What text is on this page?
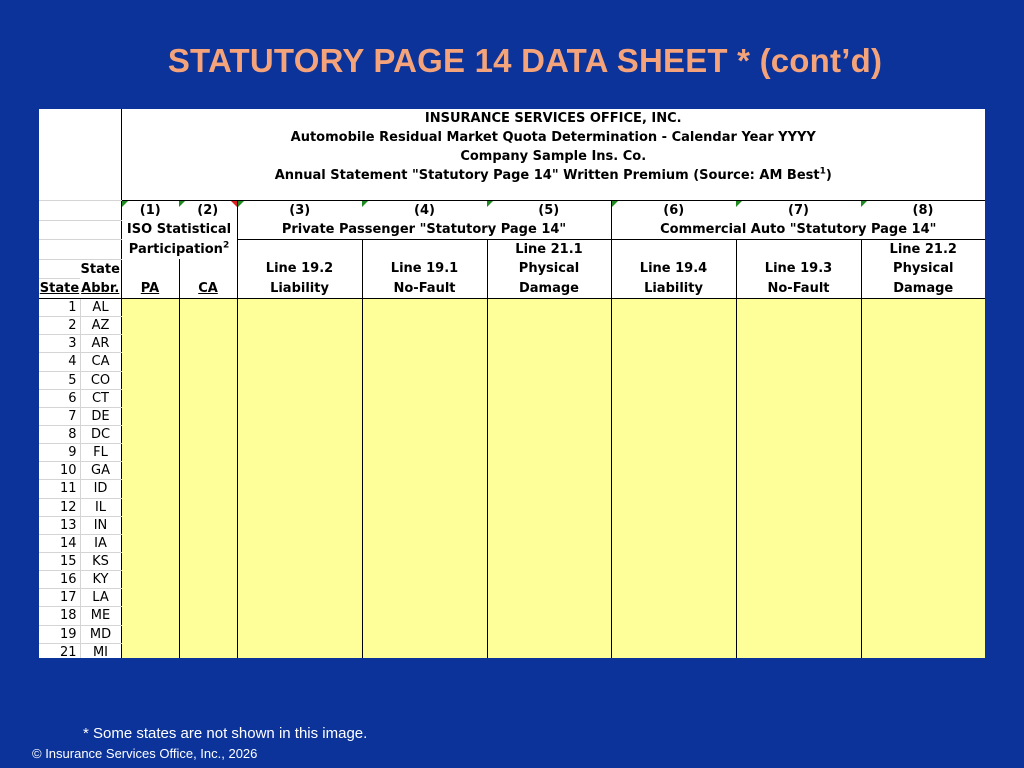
STATUTORY PAGE 14 DATA SHEET * (cont’d)

		INSURANCE SERVICES OFFICE, INC.
Automobile Residual Market Quota Determination - Calendar Year YYYY
Company Sample Ins. Co.
Annual Statement "Statutory Page 14" Written Premium (Source: AM Best$^1$)							

		(1)	(2)	(3)	(4)	(5)	(6)	(7)	(8)
		ISO Statistical		Private Passenger "Statutory Page 14"			Commercial Auto "Statutory Page 14"		
		Participation$^2$				Line 21.1			Line 21.2
	State			Line 19.2	Line 19.1	Physical	Line 19.4	Line 19.3	Physical
State	Abbr.	PA	CA	Liability	No-Fault	Damage	Liability	No-Fault	Damage
1	AL								
2	AZ								
3	AR								
4	CA								
5	CO								
6	CT								
7	DE								
8	DC								
9	FL								
10	GA								
11	ID								
12	IL								
13	IN								
14	IA								
15	KS								
16	KY								
17	LA								
18	ME								
19	MD								
21	MI								
* Some states are not shown in this image.
© Insurance Services Office, Inc., 2026
